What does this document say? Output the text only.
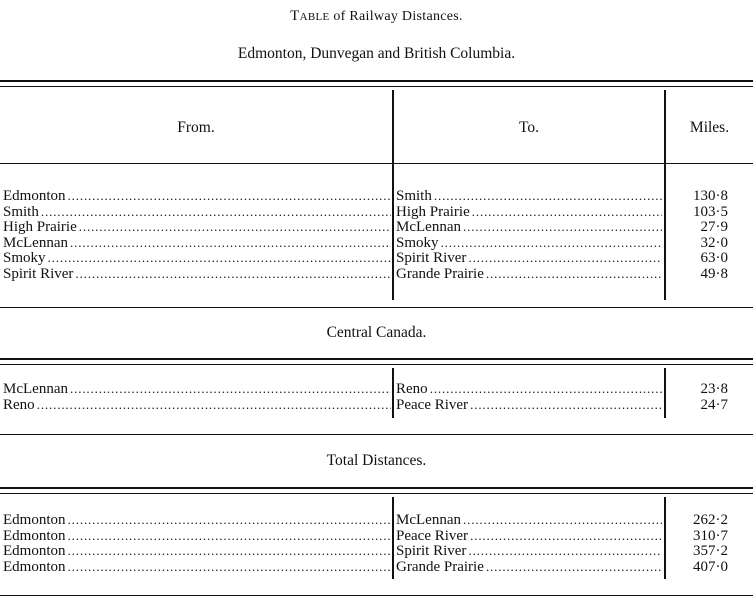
Table of Railway Distances.
Edmonton, Dunvegan and British Columbia.
From.	To.	Miles.
Edmonton . . .	Smith . . .	130·8
Smith . . .	High Prairie . . .	103·5
High Prairie . . .	McLennan . . .	27·9
McLennan . . .	Smoky . . .	32·0
Smoky . . .	Spirit River . . .	63·0
Spirit River . . .	Grande Prairie . . .	49·8
Central Canada.
McLennan . . .	Reno . . .	23·8
Reno . . .	Peace River . . .	24·7
Total Distances.
Edmonton . . .	McLennan . . .	262·2
Edmonton . . .	Peace River . . .	310·7
Edmonton . . .	Spirit River . . .	357·2
Edmonton . . .	Grande Prairie . . .	407·0
